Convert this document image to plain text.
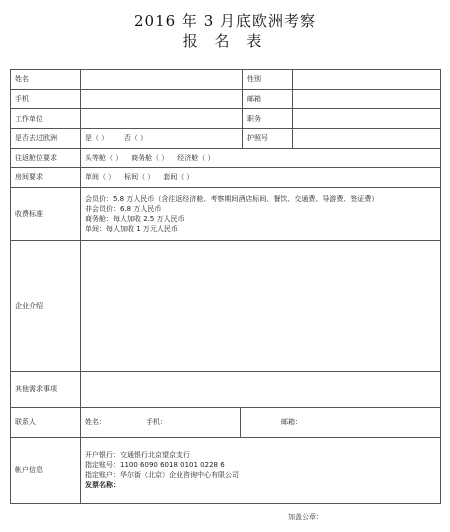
2016 年 3 月底欧洲考察
报 名 表
姓名			性别	
手机			邮箱	
工作单位			职务	
是否去过欧洲	是（ ） 否（ ）		护照号	
往返舱位要求	头等舱（ ） 商务舱（ ） 经济舱（ ）			
房间要求	单间（ ） 标间（ ） 套间（ ）			
收费标准	会员价：5.8 万人民币（含往返经济舱、考察期间酒店标间、餐饮、交通费、导游费、签证费）
非会员价：6.8 万人民币
商务舱：每人加收 2.5 万人民币
单间：每人加收 1 万元人民币			

企业介绍				
其他需求事项				
联系人	姓名： 手机：	邮箱：		
帐户信息	开户银行：交通银行北京望京支行
指定账号：1100 6090 6018 0101 0228 6
指定账户：华尔街（北京）企业咨询中心有限公司
发票名称：			
加盖公章：
